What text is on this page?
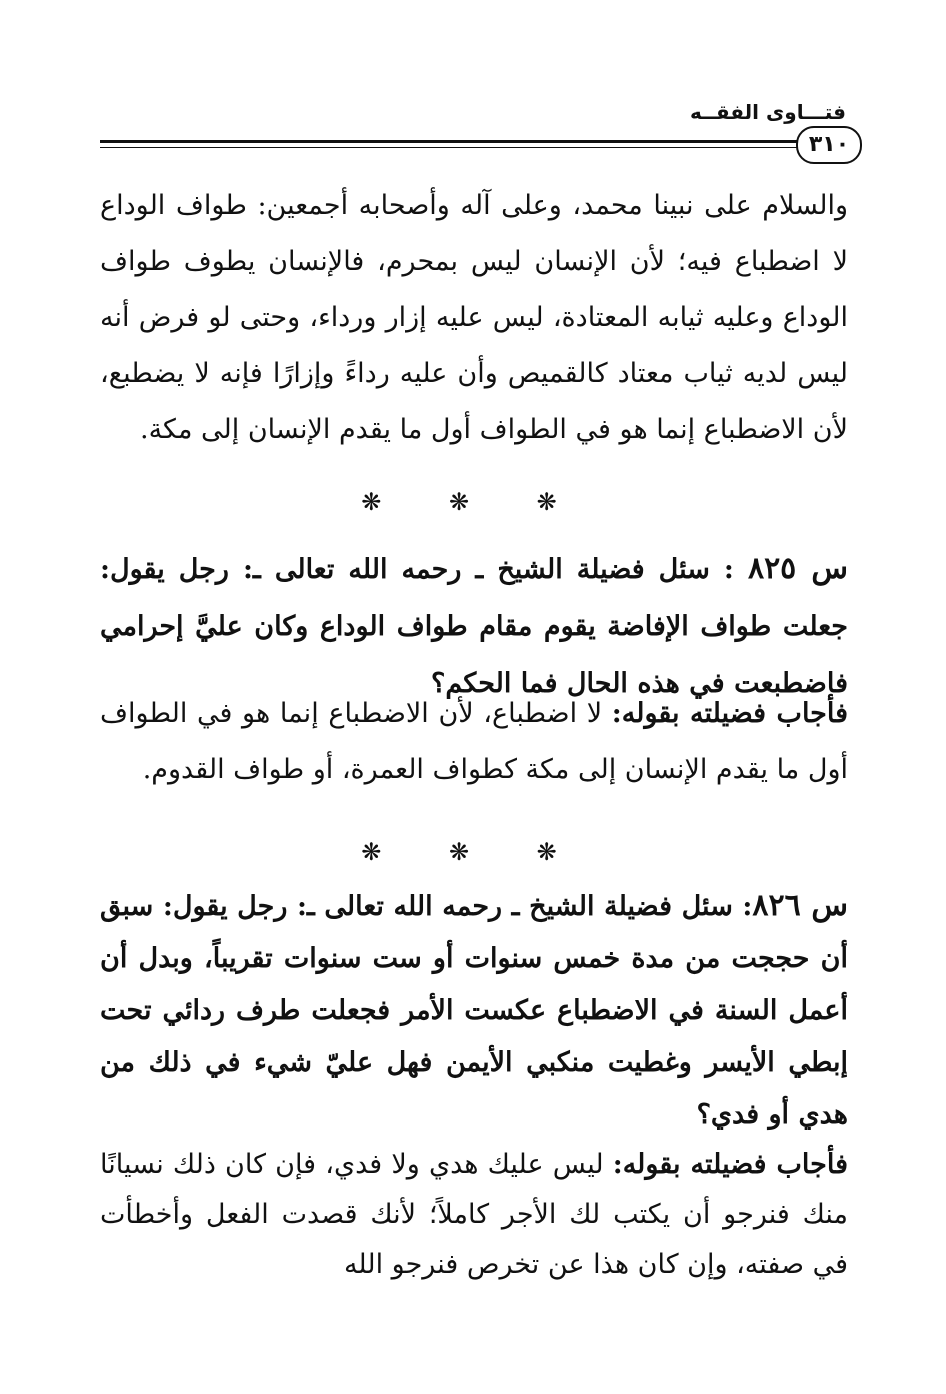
فتـــاوى الفقــه
٣١٠
والسلام على نبينا محمد، وعلى آله وأصحابه أجمعين: طواف الوداع لا اضطباع فيه؛ لأن الإنسان ليس بمحرم، فالإنسان يطوف طواف الوداع وعليه ثيابه المعتادة، ليس عليه إزار ورداء، وحتى لو فرض أنه ليس لديه ثياب معتاد كالقميص وأن عليه رداءً وإزارًا فإنه لا يضطبع، لأن الاضطباع إنما هو في الطواف أول ما يقدم الإنسان إلى مكة.
❋ ❋ ❋
س ٨٢٥ : سئل فضيلة الشيخ ـ رحمه الله تعالى ـ: رجل يقول: جعلت طواف الإفاضة يقوم مقام طواف الوداع وكان عليَّ إحرامي فاضطبعت في هذه الحال فما الحكم؟
فأجاب فضيلته بقوله: لا اضطباع، لأن الاضطباع إنما هو في الطواف أول ما يقدم الإنسان إلى مكة كطواف العمرة، أو طواف القدوم.
❋ ❋ ❋
س ٨٢٦: سئل فضيلة الشيخ ـ رحمه الله تعالى ـ: رجل يقول: سبق أن حججت من مدة خمس سنوات أو ست سنوات تقريباً، وبدل أن أعمل السنة في الاضطباع عكست الأمر فجعلت طرف ردائي تحت إبطي الأيسر وغطيت منكبي الأيمن فهل عليّ شيء في ذلك من هدي أو فدي؟
فأجاب فضيلته بقوله: ليس عليك هدي ولا فدي، فإن كان ذلك نسيانًا منك فنرجو أن يكتب لك الأجر كاملاً؛ لأنك قصدت الفعل وأخطأت في صفته، وإن كان هذا عن تخرص فنرجو الله
